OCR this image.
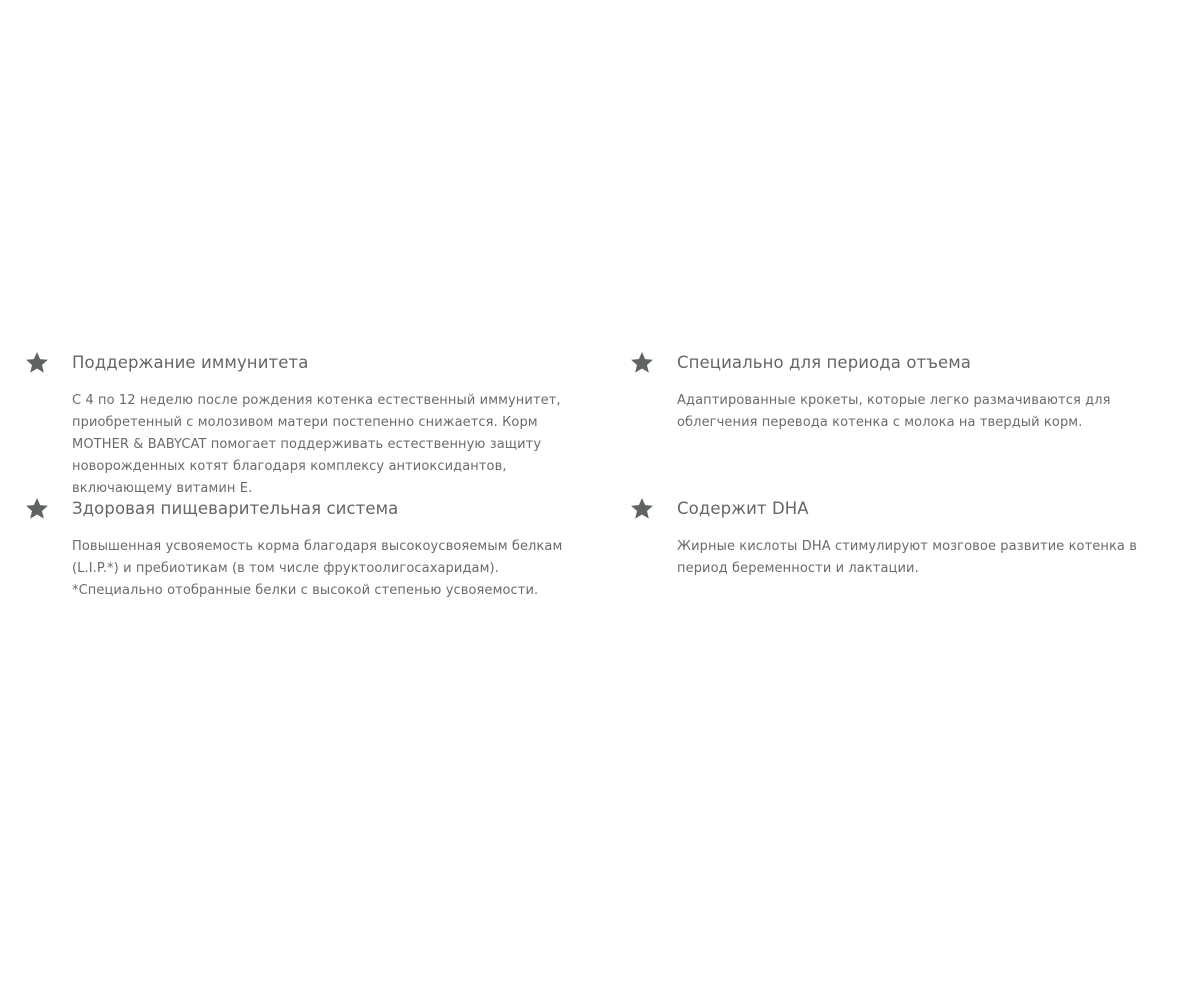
Поддержание иммунитета

С 4 по 12 неделю после рождения котенка естественный иммунитет, приобретенный с молозивом матери постепенно снижается. Корм MOTHER & BABYCAT помогает поддерживать естественную защиту новорожденных котят благодаря комплексу антиоксидантов, включающему витамин Е.

Специально для периода отъема

Адаптированные крокеты, которые легко размачиваются для облегчения перевода котенка с молока на твердый корм.

Здоровая пищеварительная система

Повышенная усвояемость корма благодаря высокоусвояемым белкам (L.I.P.*) и пребиотикам (в том числе фруктоолигосахаридам). *Специально отобранные белки с высокой степенью усвояемости.

Содержит DHA

Жирные кислоты DHA стимулируют мозговое развитие котенка в период беременности и лактации.
